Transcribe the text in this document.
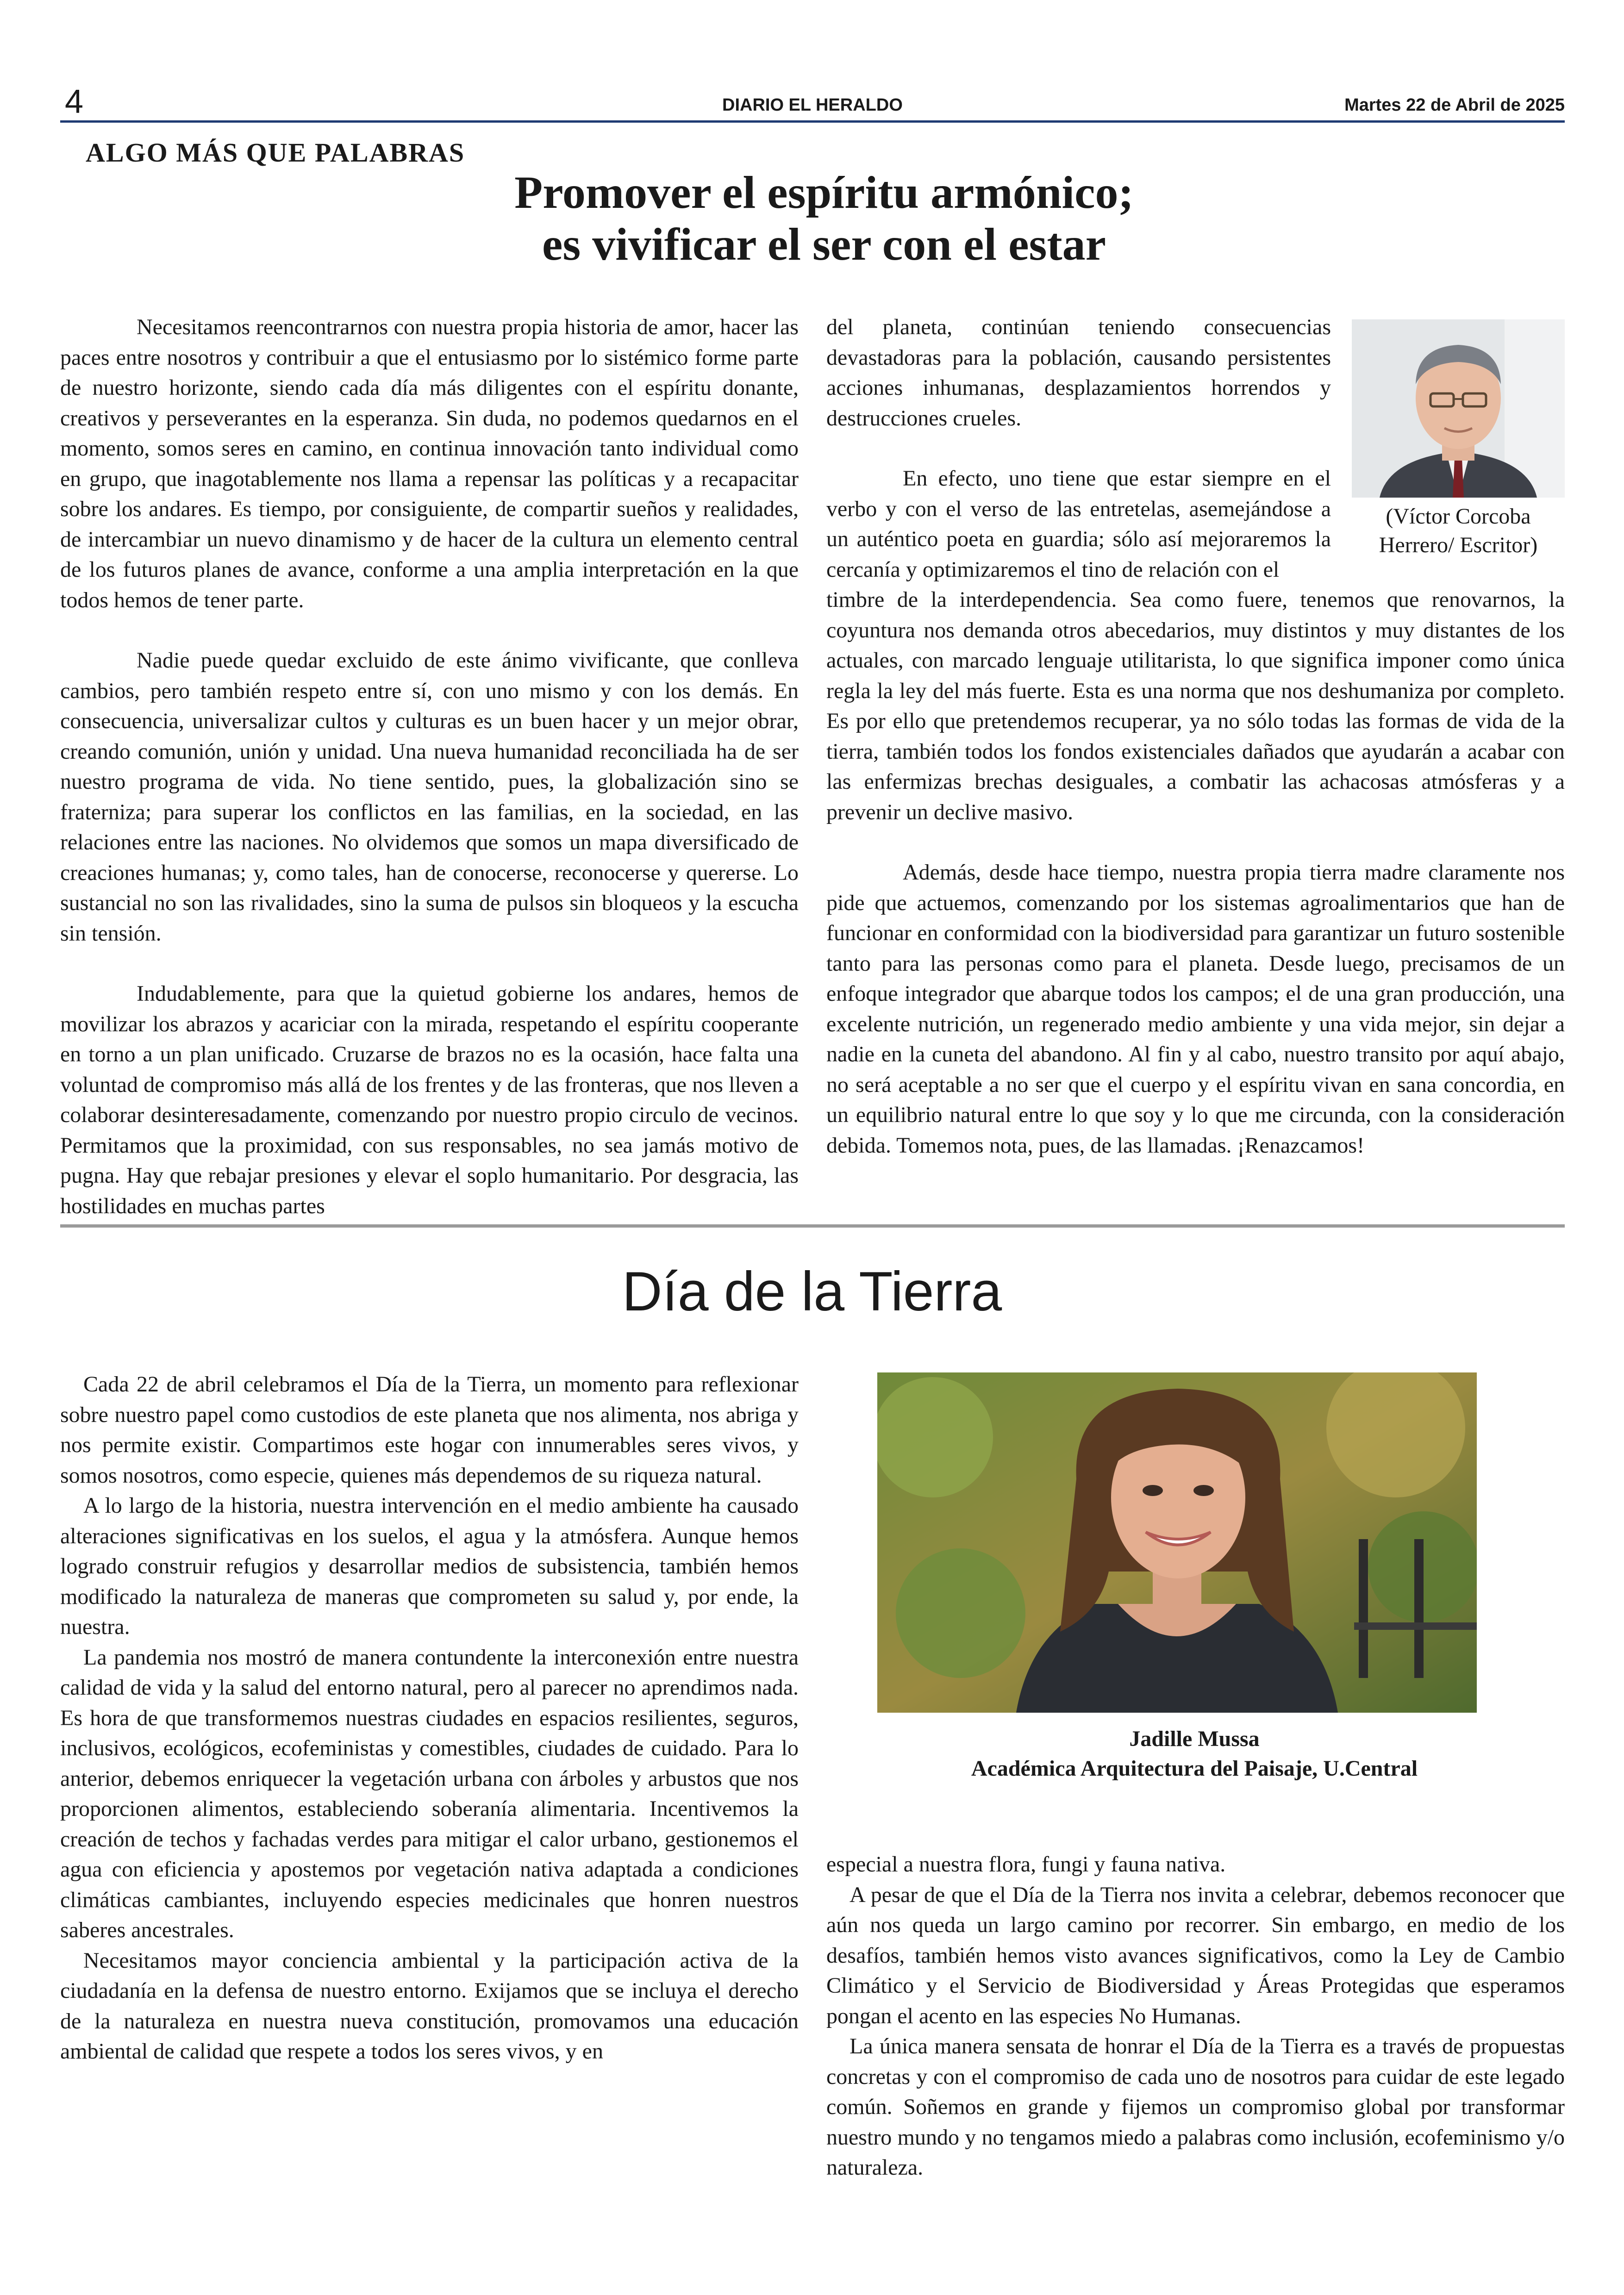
4	DIARIO EL HERALDO	Martes 22 de Abril de 2025
ALGO MÁS QUE PALABRAS
Promover el espíritu armónico;
es vivificar el ser con el estar

Necesitamos reencontrarnos con nuestra propia historia de amor, hacer las paces entre nosotros y contribuir a que el entusiasmo por lo sistémico forme parte de nuestro horizonte, siendo cada día más diligentes con el espíritu donante, creativos y perseverantes en la esperanza. Sin duda, no podemos quedarnos en el momento, somos seres en camino, en continua innovación tanto individual como en grupo, que inagotablemente nos llama a repensar las políticas y a recapacitar sobre los andares. Es tiempo, por consiguiente, de compartir sueños y realidades, de intercambiar un nuevo dinamismo y de hacer de la cultura un elemento central de los futuros planes de avance, conforme a una amplia interpretación en la que todos hemos de tener parte.

Nadie puede quedar excluido de este ánimo vivificante, que conlleva cambios, pero también respeto entre sí, con uno mismo y con los demás. En consecuencia, universalizar cultos y culturas es un buen hacer y un mejor obrar, creando comunión, unión y unidad. Una nueva humanidad reconciliada ha de ser nuestro programa de vida. No tiene sentido, pues, la globalización sino se fraterniza; para superar los conflictos en las familias, en la sociedad, en las relaciones entre las naciones. No olvidemos que somos un mapa diversificado de creaciones humanas; y, como tales, han de conocerse, reconocerse y quererse. Lo sustancial no son las rivalidades, sino la suma de pulsos sin bloqueos y la escucha sin tensión.

Indudablemente, para que la quietud gobierne los andares, hemos de movilizar los abrazos y acariciar con la mirada, respetando el espíritu cooperante en torno a un plan unificado. Cruzarse de brazos no es la ocasión, hace falta una voluntad de compromiso más allá de los frentes y de las fronteras, que nos lleven a colaborar desinteresadamente, comenzando por nuestro propio circulo de vecinos. Permitamos que la proximidad, con sus responsables, no sea jamás motivo de pugna. Hay que rebajar presiones y elevar el soplo humanitario. Por desgracia, las hostilidades en muchas partes

del planeta, continúan teniendo consecuencias devastadoras para la población, causando persistentes acciones inhumanas, desplazamientos horrendos y destrucciones crueles.

En efecto, uno tiene que estar siempre en el verbo y con el verso de las entretelas, asemejándose a un auténtico poeta en guardia; sólo así mejoraremos la cercanía y optimizaremos el tino de relación con el

timbre de la interdependencia. Sea como fuere, tenemos que renovarnos, la coyuntura nos demanda otros abecedarios, muy distintos y muy distantes de los actuales, con marcado lenguaje utilitarista, lo que significa imponer como única regla la ley del más fuerte. Esta es una norma que nos deshumaniza por completo. Es por ello que pretendemos recuperar, ya no sólo todas las formas de vida de la tierra, también todos los fondos existenciales dañados que ayudarán a acabar con las enfermizas brechas desiguales, a combatir las achacosas atmósferas y a prevenir un declive masivo.

Además, desde hace tiempo, nuestra propia tierra madre claramente nos pide que actuemos, comenzando por los sistemas agroalimentarios que han de funcionar en conformidad con la biodiversidad para garantizar un futuro sostenible tanto para las personas como para el planeta. Desde luego, precisamos de un enfoque integrador que abarque todos los campos; el de una gran producción, una excelente nutrición, un regenerado medio ambiente y una vida mejor, sin dejar a nadie en la cuneta del abandono. Al fin y al cabo, nuestro transito por aquí abajo, no será aceptable a no ser que el cuerpo y el espíritu vivan en sana concordia, en un equilibrio natural entre lo que soy y lo que me circunda, con la consideración debida. Tomemos nota, pues, de las llamadas. ¡Renazcamos!

(Víctor Corcoba
Herrero/ Escritor)
Día de la Tierra

Cada 22 de abril celebramos el Día de la Tierra, un momento para reflexionar sobre nuestro papel como custodios de este planeta que nos alimenta, nos abriga y nos permite existir. Compartimos este hogar con innumerables seres vivos, y somos nosotros, como especie, quienes más dependemos de su riqueza natural.

A lo largo de la historia, nuestra intervención en el medio ambiente ha causado alteraciones significativas en los suelos, el agua y la atmósfera. Aunque hemos logrado construir refugios y desarrollar medios de subsistencia, también hemos modificado la naturaleza de maneras que comprometen su salud y, por ende, la nuestra.

La pandemia nos mostró de manera contundente la interconexión entre nuestra calidad de vida y la salud del entorno natural, pero al parecer no aprendimos nada. Es hora de que transformemos nuestras ciudades en espacios resilientes, seguros, inclusivos, ecológicos, ecofeministas y comestibles, ciudades de cuidado. Para lo anterior, debemos enriquecer la vegetación urbana con árboles y arbustos que nos proporcionen alimentos, estableciendo soberanía alimentaria. Incentivemos la creación de techos y fachadas verdes para mitigar el calor urbano, gestionemos el agua con eficiencia y apostemos por vegetación nativa adaptada a condiciones climáticas cambiantes, incluyendo especies medicinales que honren nuestros saberes ancestrales.

Necesitamos mayor conciencia ambiental y la participación activa de la ciudadanía en la defensa de nuestro entorno. Exijamos que se incluya el derecho de la naturaleza en nuestra nueva constitución, promovamos una educación ambiental de calidad que respete a todos los seres vivos, y en

Jadille Mussa
Académica Arquitectura del Paisaje, U.Central

especial a nuestra flora, fungi y fauna nativa.

A pesar de que el Día de la Tierra nos invita a celebrar, debemos reconocer que aún nos queda un largo camino por recorrer. Sin embargo, en medio de los desafíos, también hemos visto avances significativos, como la Ley de Cambio Climático y el Servicio de Biodiversidad y Áreas Protegidas que esperamos pongan el acento en las especies No Humanas.

La única manera sensata de honrar el Día de la Tierra es a través de propuestas concretas y con el compromiso de cada uno de nosotros para cuidar de este legado común. Soñemos en grande y fijemos un compromiso global por transformar nuestro mundo y no tengamos miedo a palabras como inclusión, ecofeminismo y/o naturaleza.
